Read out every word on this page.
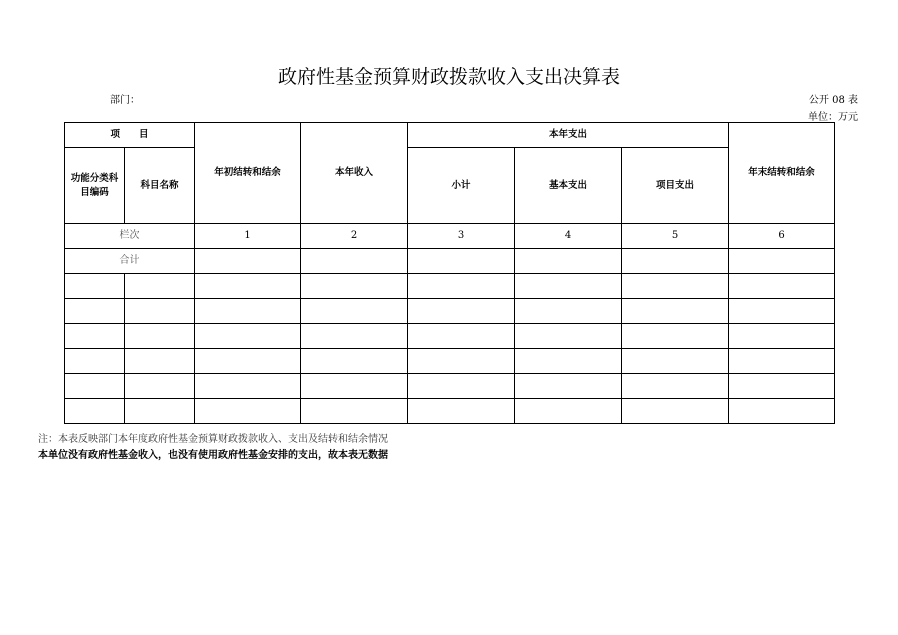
政府性基金预算财政拨款收入支出决算表
部门：	公开 08 表
单位：万元
项　　目		年初结转和结余	本年收入	本年支出			年末结转和结余
功能分类科目编码	科目名称			小计	基本支出	项目支出	
栏次		1	2	3	4	5	6
合计							

注：本表反映部门本年度政府性基金预算财政拨款收入、支出及结转和结余情况
本单位没有政府性基金收入，也没有使用政府性基金安排的支出，故本表无数据
